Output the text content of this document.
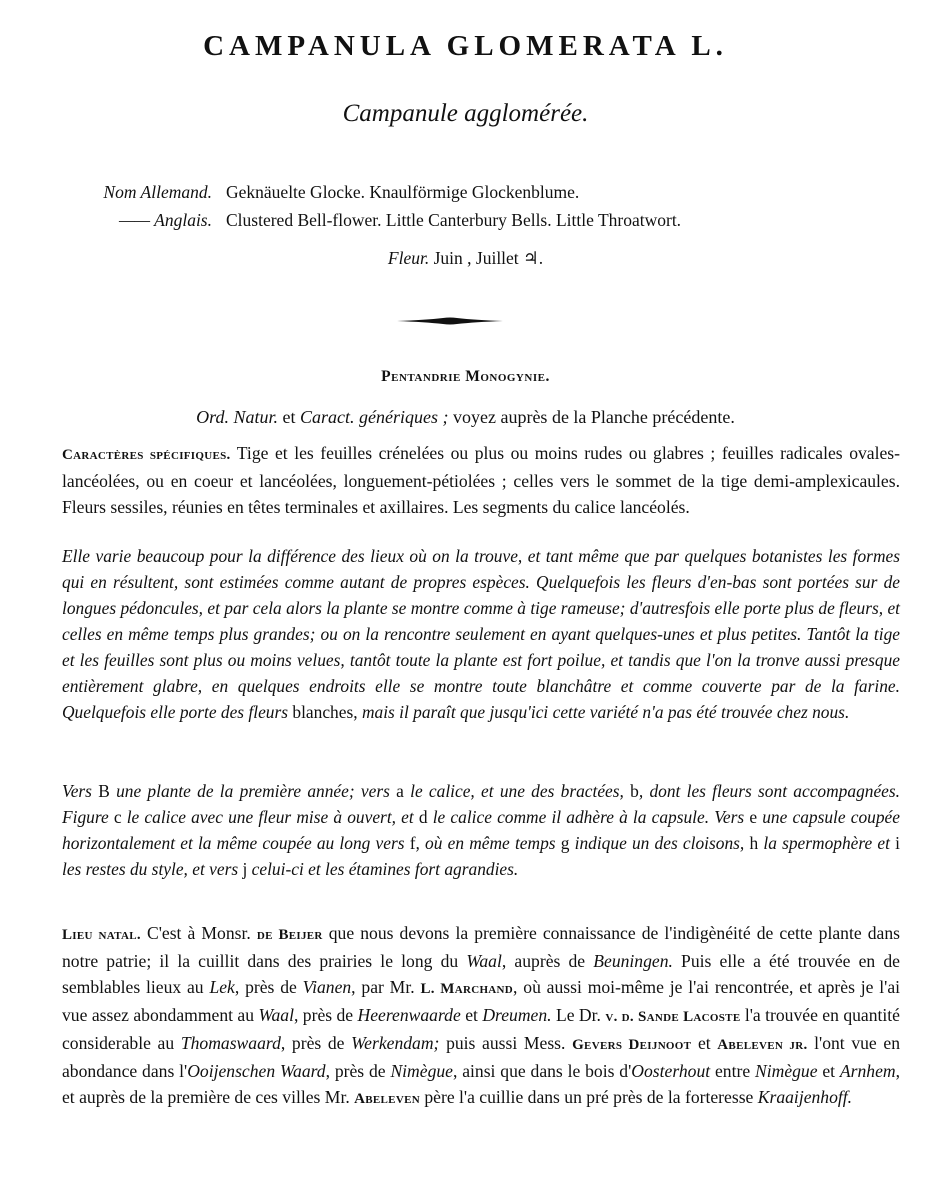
CAMPANULA GLOMERATA L.
Campanule agglomérée.
Nom Allemand. Geknäuelte Glocke. Knaulförmige Glockenblume.
—— Anglais. Clustered Bell-flower. Little Canterbury Bells. Little Throatwort.
Fleur. Juin , Juillet ♃.
Pentandrie Monogynie.
Ord. Natur. et Caract. génériques ; voyez auprès de la Planche précédente.

Caractères spécifiques. Tige et les feuilles crénelées ou plus ou moins rudes ou glabres ; feuilles radicales ovales-lancéolées, ou en coeur et lancéolées, longuement-pétiolées ; celles vers le sommet de la tige demi-amplexicaules. Fleurs sessiles, réunies en têtes terminales et axillaires. Les segments du calice lancéolés.

Elle varie beaucoup pour la différence des lieux où on la trouve, et tant même que par quelques botanistes les formes qui en résultent, sont estimées comme autant de propres espèces. Quelquefois les fleurs d'en-bas sont portées sur de longues pédoncules, et par cela alors la plante se montre comme à tige rameuse; d'autresfois elle porte plus de fleurs, et celles en même temps plus grandes; ou on la rencontre seulement en ayant quelques-unes et plus petites. Tantôt la tige et les feuilles sont plus ou moins velues, tantôt toute la plante est fort poilue, et tandis que l'on la tronve aussi presque entièrement glabre, en quelques endroits elle se montre toute blanchâtre et comme couverte par de la farine. Quelquefois elle porte des fleurs blanches, mais il paraît que jusqu'ici cette variété n'a pas été trouvée chez nous.

Vers B une plante de la première année; vers a le calice, et une des bractées, b, dont les fleurs sont accompagnées. Figure c le calice avec une fleur mise à ouvert, et d le calice comme il adhère à la capsule. Vers e une capsule coupée horizontalement et la même coupée au long vers f, où en même temps g indique un des cloisons, h la spermophère et i les restes du style, et vers j celui-ci et les étamines fort agrandies.

Lieu natal. C'est à Monsr. de Beijer que nous devons la première connaissance de l'indigènéité de cette plante dans notre patrie; il la cuillit dans des prairies le long du Waal, auprès de Beuningen. Puis elle a été trouvée en de semblables lieux au Lek, près de Vianen, par Mr. L. Marchand, où aussi moi-même je l'ai rencontrée, et après je l'ai vue assez abondamment au Waal, près de Heerenwaarde et Dreumen. Le Dr. v. d. Sande Lacoste l'a trouvée en quantité considerable au Thomaswaard, près de Werkendam; puis aussi Mess. Gevers Deijnoot et Abeleven jr. l'ont vue en abondance dans l'Ooijenschen Waard, près de Nimègue, ainsi que dans le bois d'Oosterhout entre Nimègue et Arnhem, et auprès de la première de ces villes Mr. Abeleven père l'a cuillie dans un pré près de la forteresse Kraaijenhoff.
